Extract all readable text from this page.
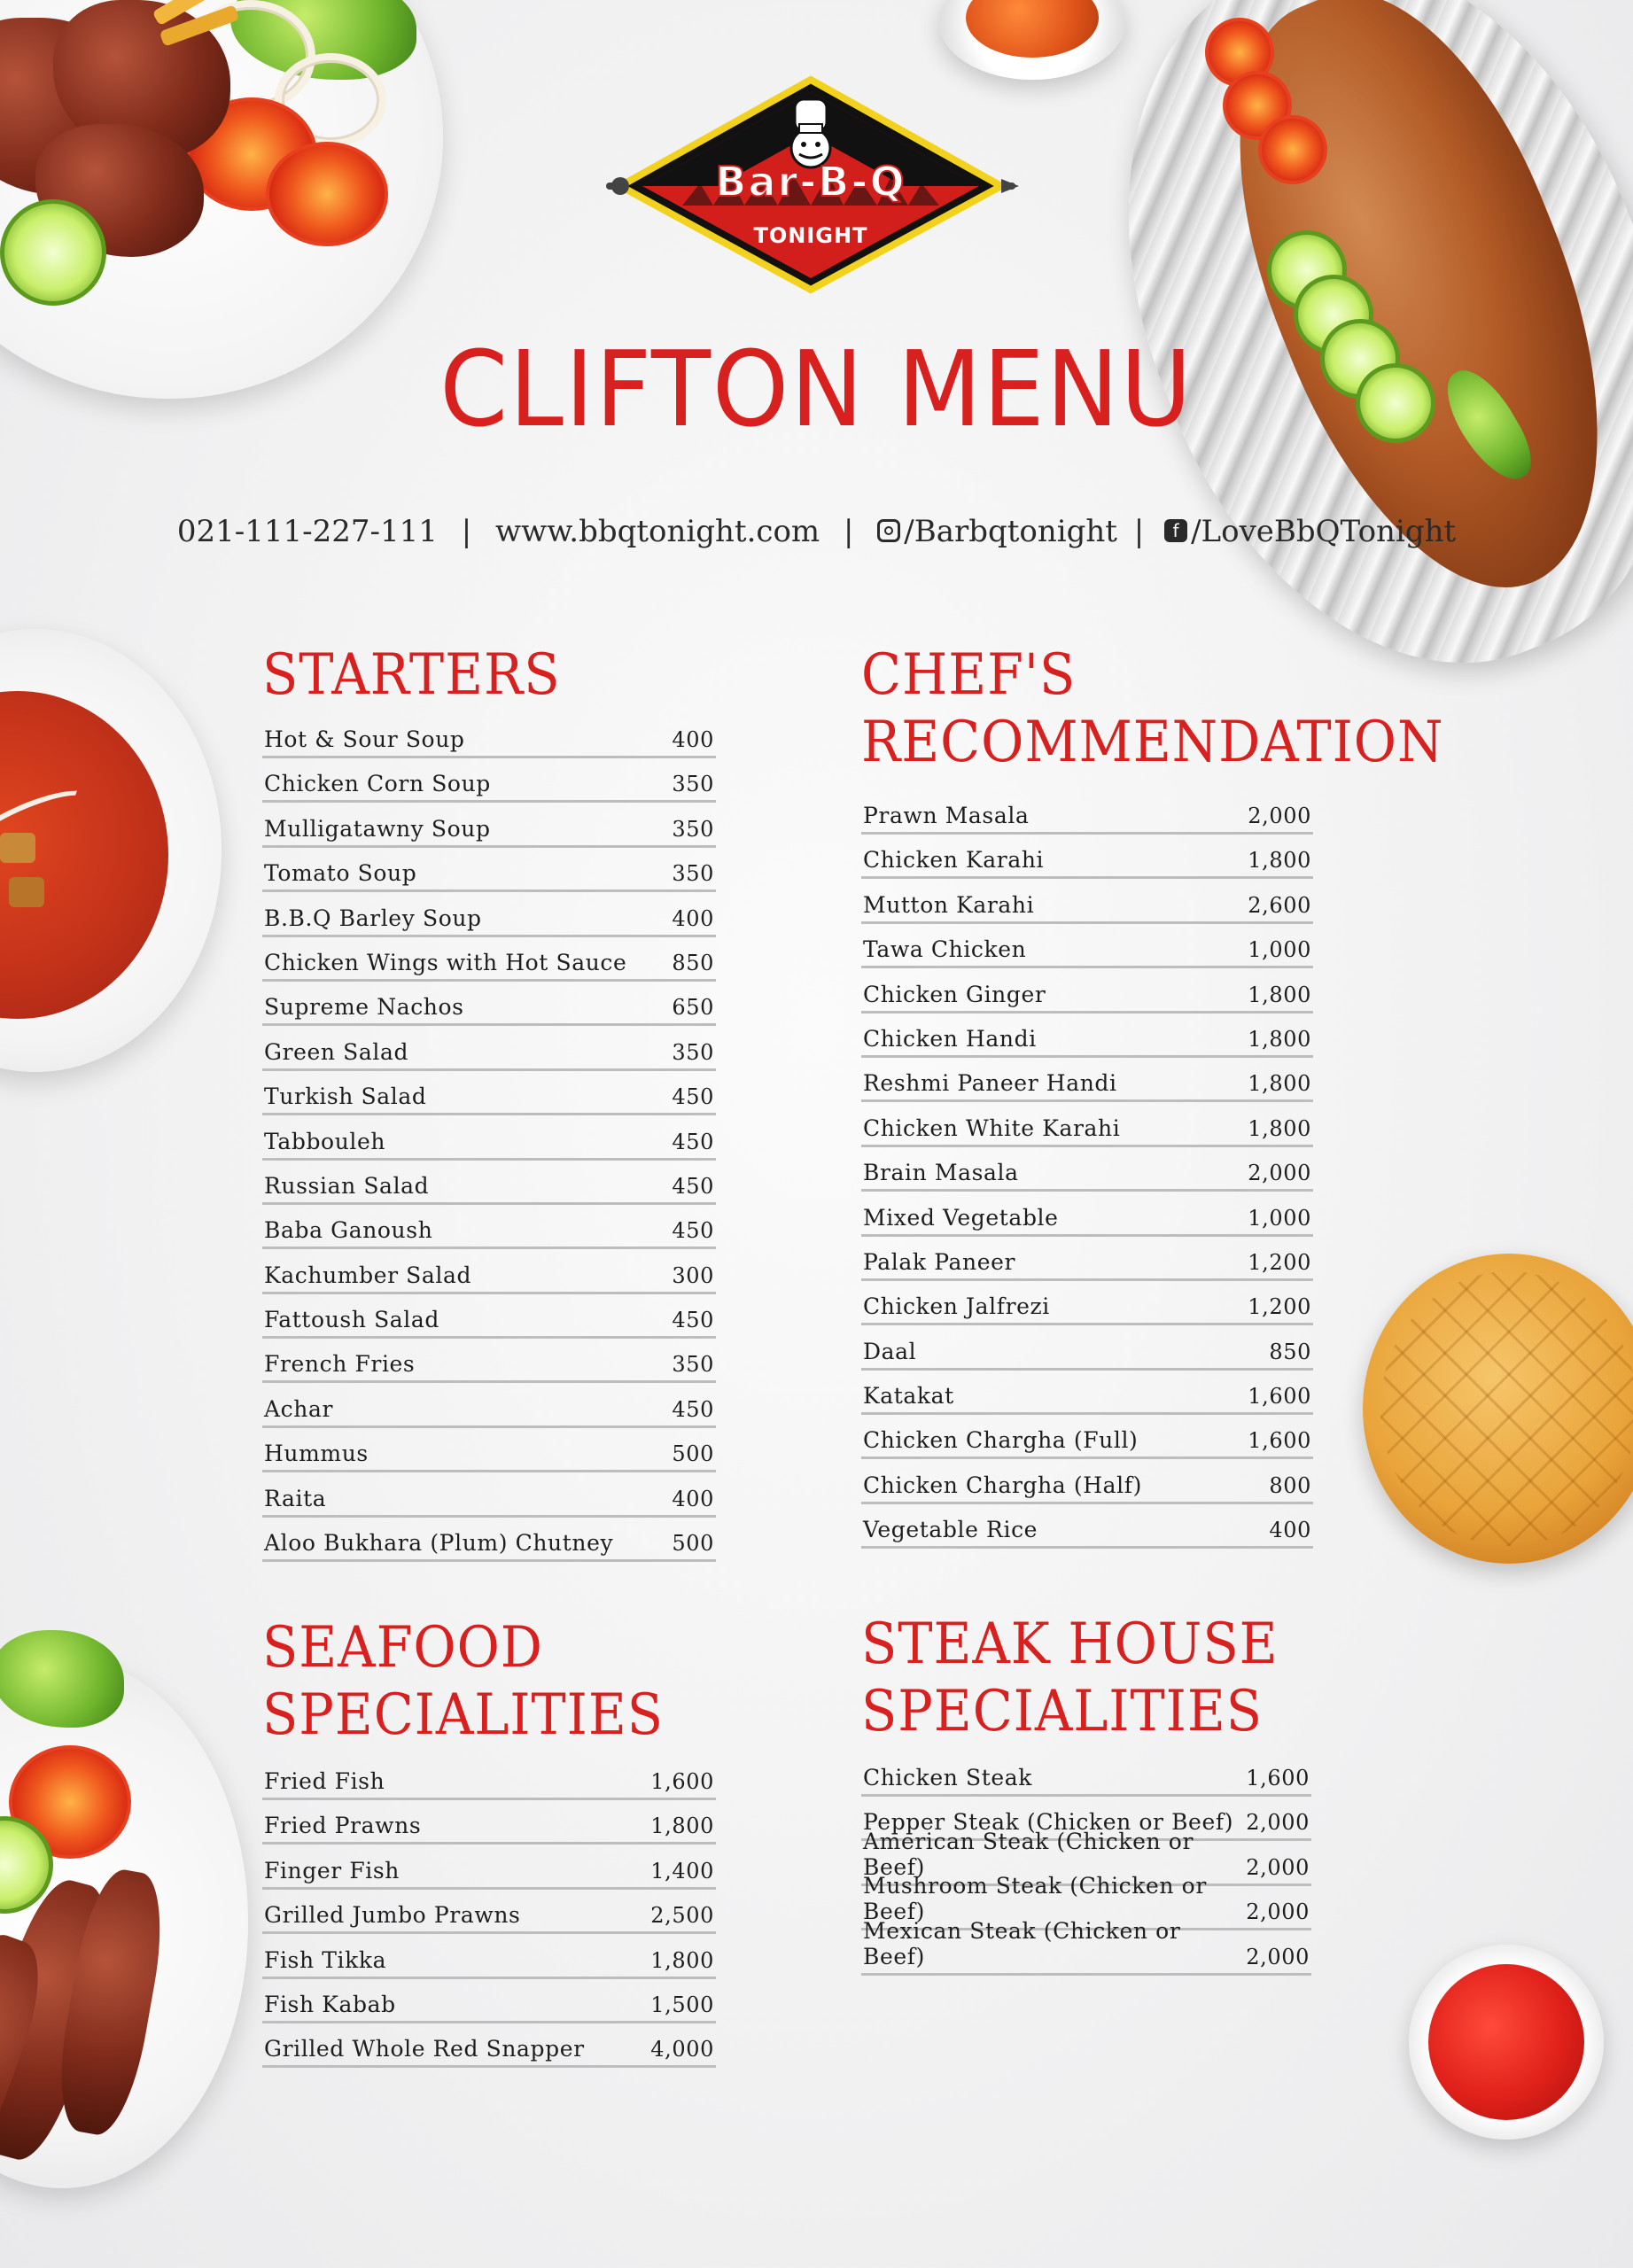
Bar-B-Q
TONIGHT
CLIFTON MENU
021-111-227-111 | www.bbqtonight.com | /Barbqtonight | f /LoveBbQTonight
STARTERS
Hot & Sour Soup	400
Chicken Corn Soup	350
Mulligatawny Soup	350
Tomato Soup	350
B.B.Q Barley Soup	400
Chicken Wings with Hot Sauce 850
Supreme Nachos	650
Green Salad	350
Turkish Salad	450
Tabbouleh	450
Russian Salad	450
Baba Ganoush	450
Kachumber Salad	300
Fattoush Salad	450
French Fries	350
Achar	450
Hummus	500
Raita	400
Aloo Bukhara (Plum) Chutney	500
CHEF'S
RECOMMENDATION
Prawn Masala	2,000
Chicken Karahi	1,800
Mutton Karahi	2,600
Tawa Chicken	1,000
Chicken Ginger	1,800
Chicken Handi	1,800
Reshmi Paneer Handi	1,800
Chicken White Karahi	1,800
Brain Masala	2,000
Mixed Vegetable	1,000
Palak Paneer	1,200
Chicken Jalfrezi	1,200
Daal	850
Katakat	1,600
Chicken Chargha (Full)	1,600
Chicken Chargha (Half)	800
Vegetable Rice	400
SEAFOOD
SPECIALITIES
Fried Fish	1,600
Fried Prawns	1,800
Finger Fish	1,400
Grilled Jumbo Prawns	2,500
Fish Tikka	1,800
Fish Kabab	1,500
Grilled Whole Red Snapper	4,000
STEAK HOUSE
SPECIALITIES
Chicken Steak	1,600
Pepper Steak (Chicken or Beef) 2,000
American Steak (Chicken or Beef)	2,000
Mushroom Steak (Chicken or Beef)	2,000
Mexican Steak (Chicken or Beef)	2,000
